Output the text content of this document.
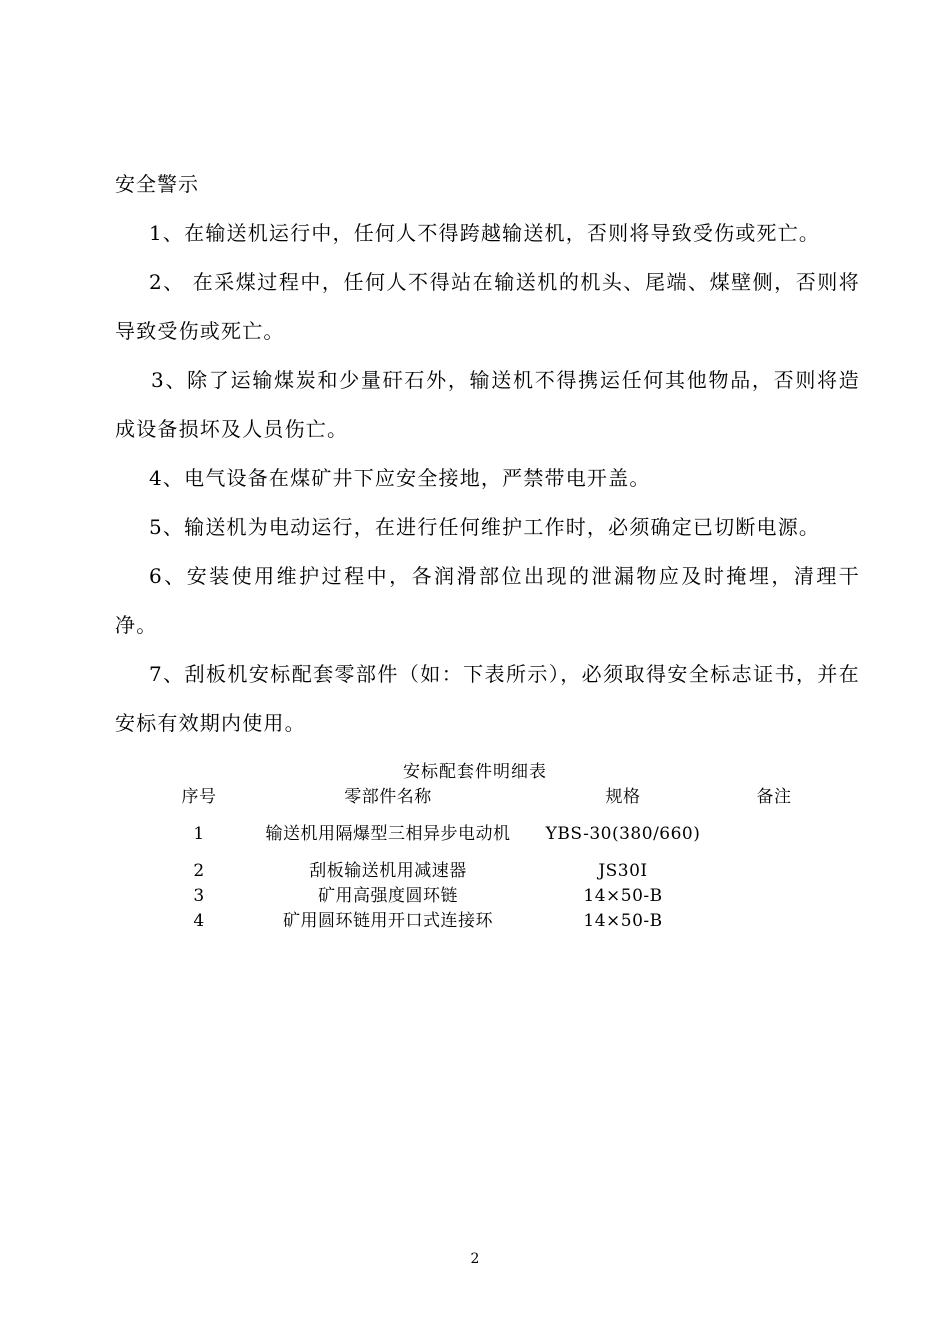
安全警示

1、在输送机运行中，任何人不得跨越输送机，否则将导致受伤或死亡。

2、 在采煤过程中，任何人不得站在输送机的机头、尾端、煤壁侧，否则将导致受伤或死亡。

3、除了运输煤炭和少量矸石外，输送机不得携运任何其他物品，否则将造成设备损坏及人员伤亡。

4、电气设备在煤矿井下应安全接地，严禁带电开盖。

5、输送机为电动运行，在进行任何维护工作时，必须确定已切断电源。

6、安装使用维护过程中，各润滑部位出现的泄漏物应及时掩埋，清理干净。

7、刮板机安标配套零部件（如：下表所示），必须取得安全标志证书，并在安标有效期内使用。

安标配套件明细表
序号	零部件名称	规格	备注
1	输送机用隔爆型三相异步电动机	YBS-30(380/660)	
2	刮板输送机用减速器	JS30Ⅰ	
3	矿用高强度圆环链	14×50-B	
4	矿用圆环链用开口式连接环	14×50-B	
2
